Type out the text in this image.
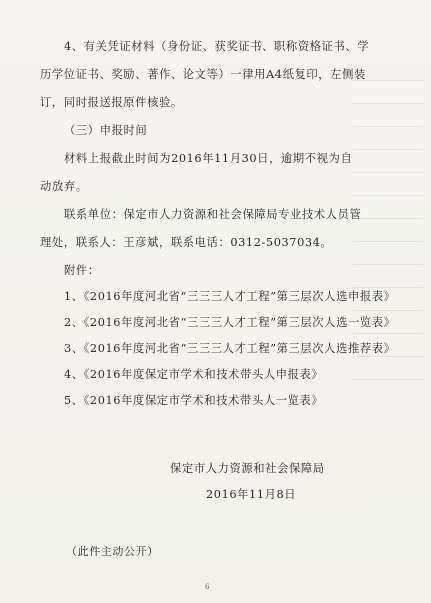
4、有关凭证材料（身份证、获奖证书、职称资格证书、学
历学位证书、奖励、著作、论文等）一律用A4纸复印，左侧装
订，同时报送报原件核验。
（三）申报时间
材料上报截止时间为2016年11月30日，逾期不视为自
动放弃。
联系单位：保定市人力资源和社会保障局专业技术人员管
理处，联系人：王彦斌，联系电话：0312-5037034。
附件：
1、《2016年度河北省“三三三人才工程”第三层次人选申报表》
2、《2016年度河北省“三三三人才工程”第三层次人选一览表》
3、《2016年度河北省“三三三人才工程”第三层次人选推荐表》
4、《2016年度保定市学术和技术带头人申报表》
5、《2016年度保定市学术和技术带头人一览表》
保定市人力资源和社会保障局
2016年11月8日
（此件主动公开）
6
